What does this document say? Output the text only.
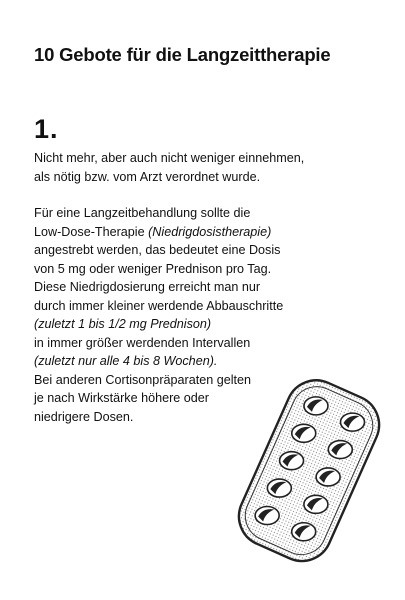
10 Gebote für die Langzeittherapie
1.

Nicht mehr, aber auch nicht weniger einnehmen,
als nötig bzw. vom Arzt verordnet wurde.

Für eine Langzeitbehandlung sollte die
Low-Dose-Therapie (Niedrigdosistherapie)
angestrebt werden, das bedeutet eine Dosis
von 5 mg oder weniger Prednison pro Tag.
Diese Niedrigdosierung erreicht man nur
durch immer kleiner werdende Abbauschritte
(zuletzt 1 bis 1/2 mg Prednison)
in immer größer werdenden Intervallen
(zuletzt nur alle 4 bis 8 Wochen).
Bei anderen Cortisonpräparaten gelten
je nach Wirkstärke höhere oder
niedrigere Dosen.
